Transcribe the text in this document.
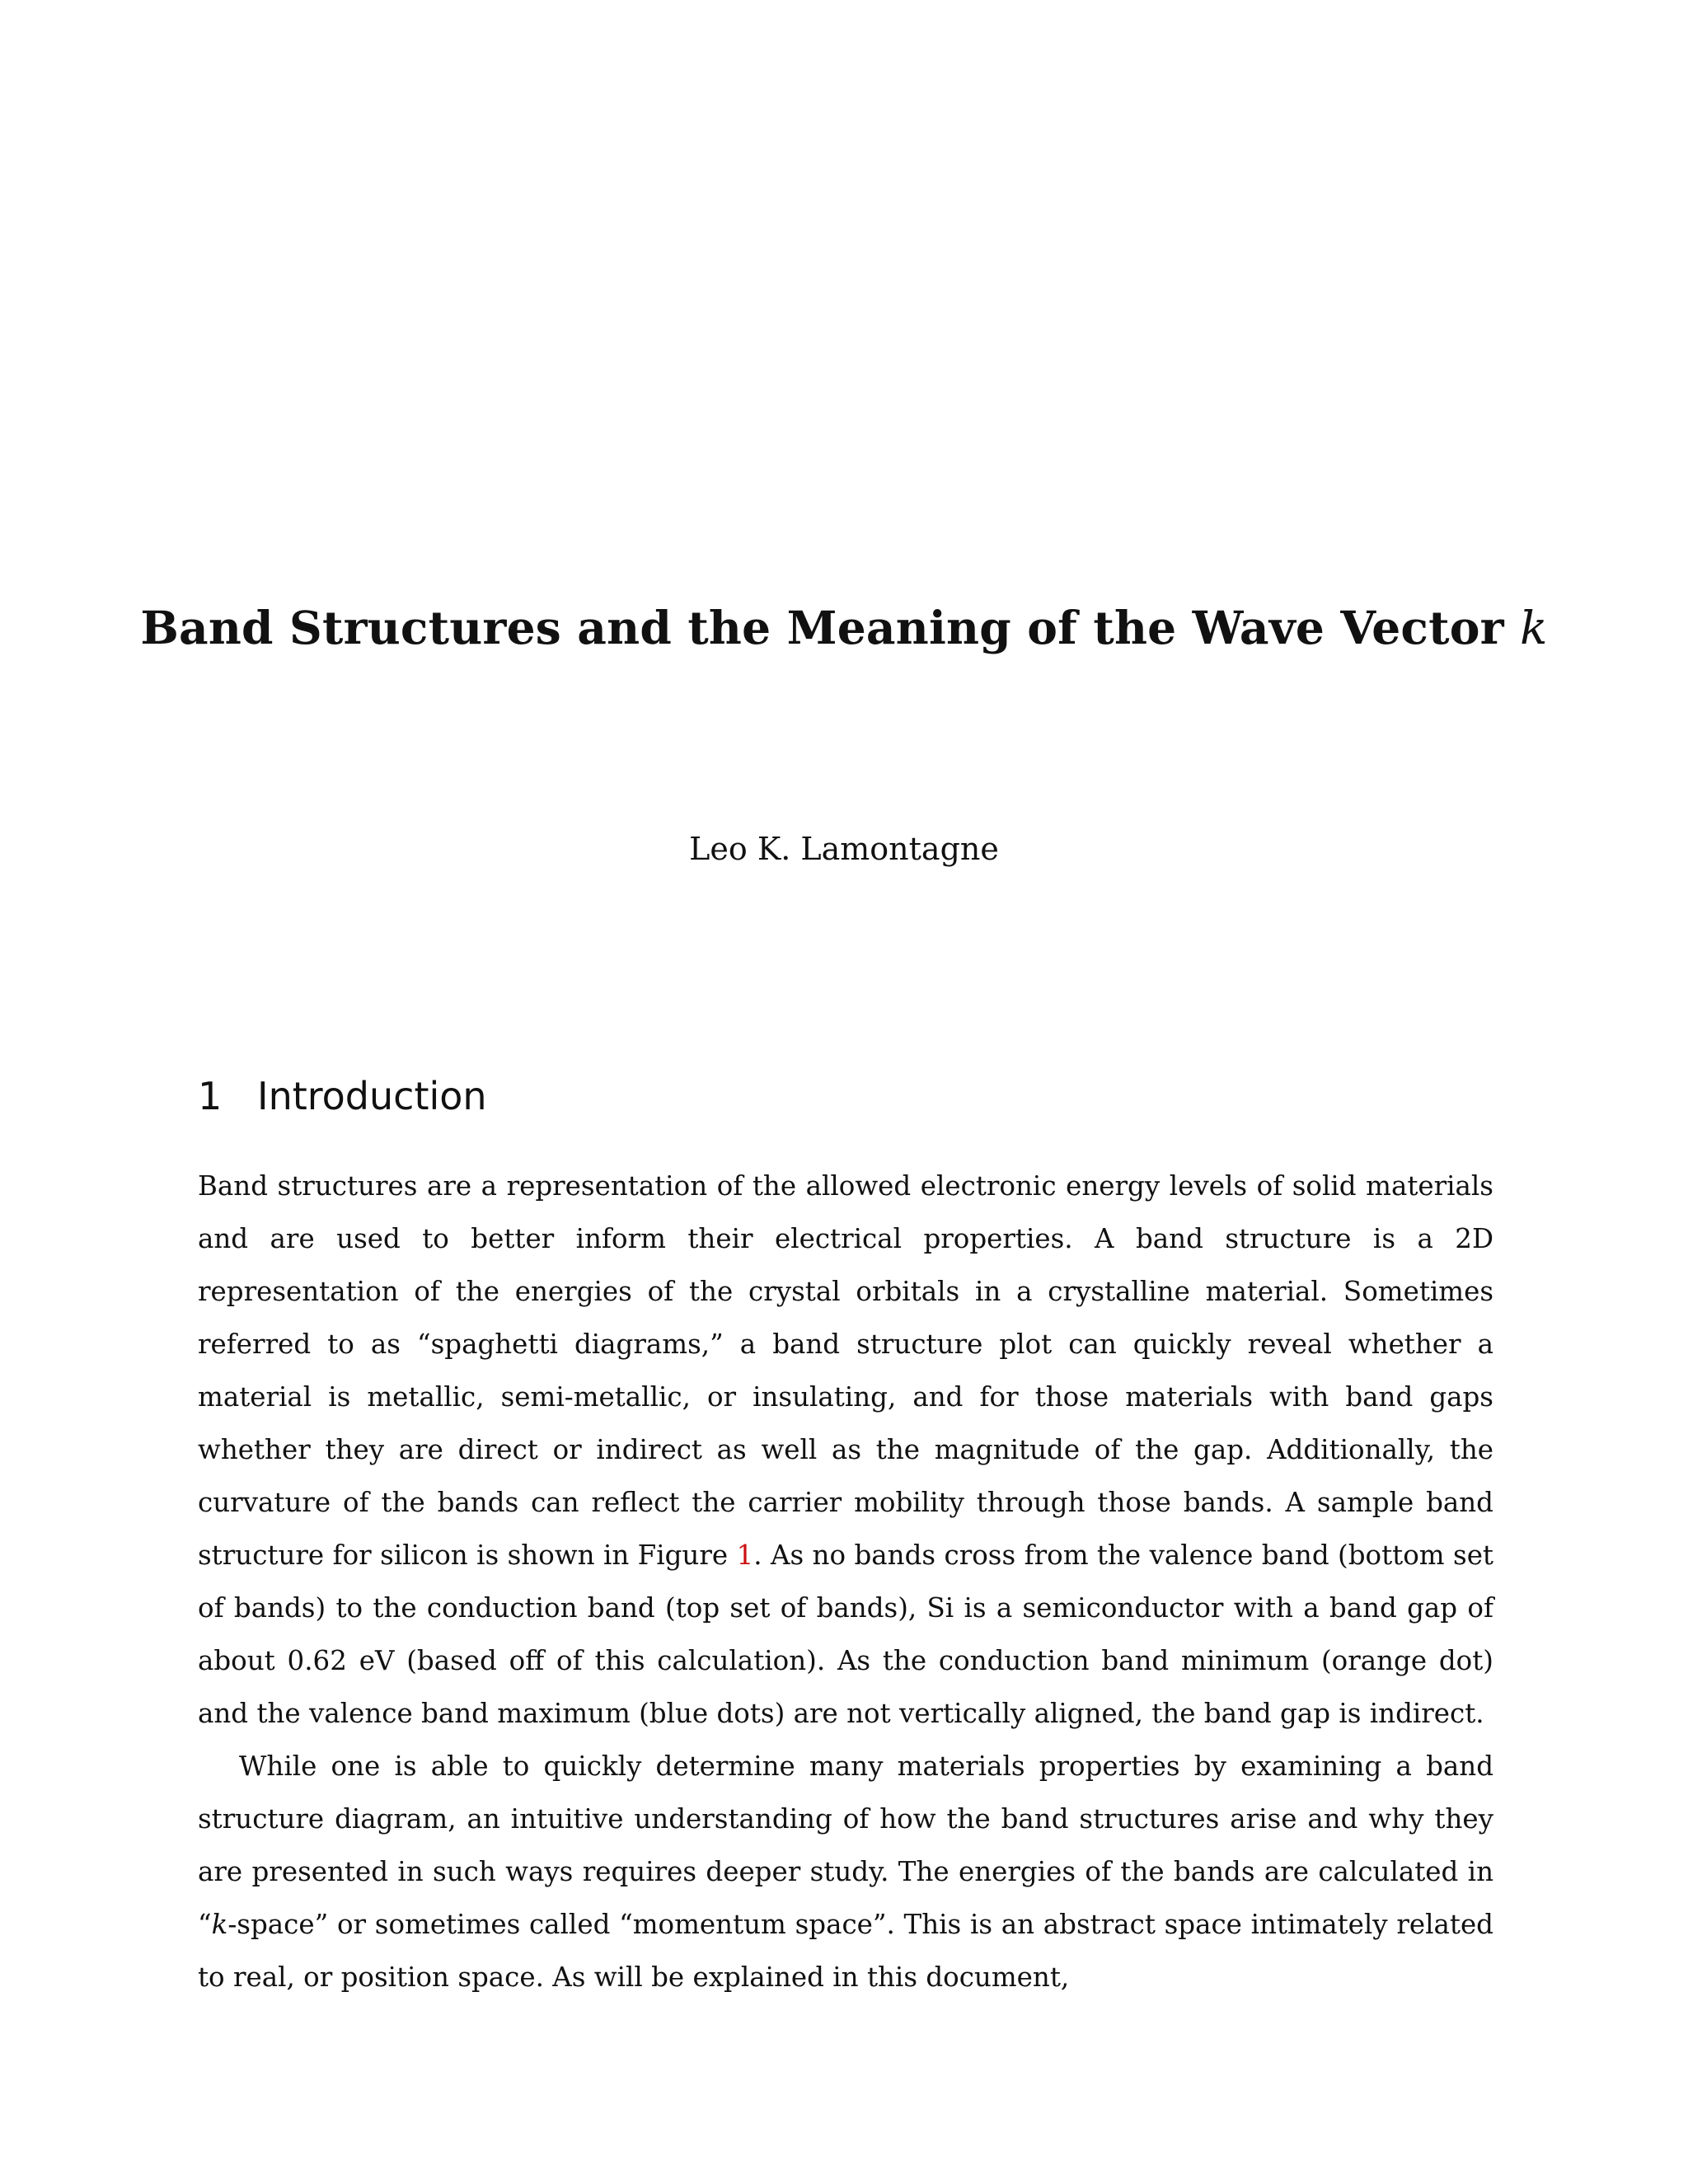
Band Structures and the Meaning of the Wave Vector k
Leo K. Lamontagne
1 Introduction

Band structures are a representation of the allowed electronic energy levels of solid materials and are used to better inform their electrical properties. A band structure is a 2D representation of the energies of the crystal orbitals in a crystalline material. Sometimes referred to as “spaghetti diagrams,” a band structure plot can quickly reveal whether a material is metallic, semi-metallic, or insulating, and for those materials with band gaps whether they are direct or indirect as well as the magnitude of the gap. Additionally, the curvature of the bands can reflect the carrier mobility through those bands. A sample band structure for silicon is shown in Figure 1. As no bands cross from the valence band (bottom set of bands) to the conduction band (top set of bands), Si is a semiconductor with a band gap of about 0.62 eV (based off of this calculation). As the conduction band minimum (orange dot) and the valence band maximum (blue dots) are not vertically aligned, the band gap is indirect.

While one is able to quickly determine many materials properties by examining a band structure diagram, an intuitive understanding of how the band structures arise and why they are presented in such ways requires deeper study. The energies of the bands are calculated in “k-space” or sometimes called “momentum space”. This is an abstract space intimately related to real, or position space. As will be explained in this document,
